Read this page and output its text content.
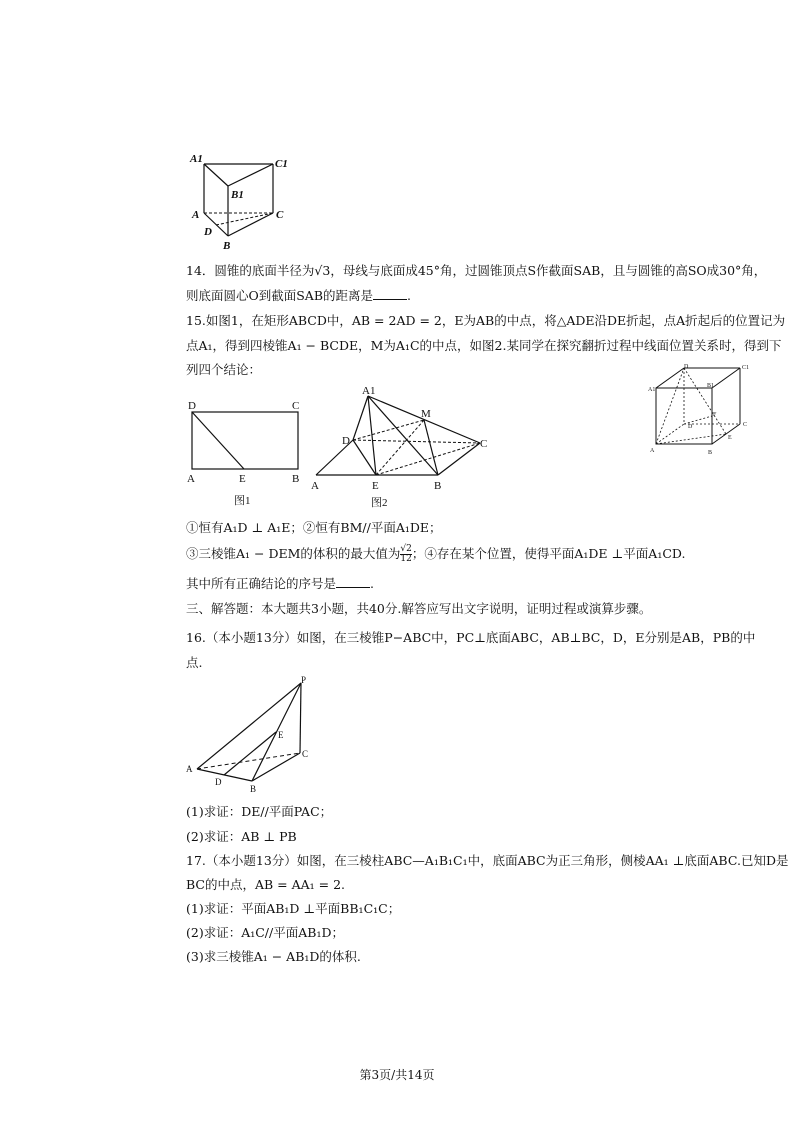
A1	C1
B1
A	C
D
B
14．圆锥的底面半径为√3，母线与底面成45°角，过圆锥顶点S作截面SAB，且与圆锥的高SO成30°角，
则底面圆心O到截面SAB的距离是	.
15.如图1，在矩形ABCD中，AB = 2AD = 2，E为AB的中点，将△ADE沿DE折起，点A折起后的位置记为
点A₁，得到四棱锥A₁ − BCDE，M为A₁C的中点，如图2.某同学在探究翻折过程中线面位置关系时，得到下
列四个结论：
D	C
A	E	B
图1
A1
M
D	C
A	E	B
图2
A1
D
B1
C1
F
D	C
E
A	B
①恒有A₁D ⊥ A₁E；②恒有BM//平面A₁DE；
③三棱锥A₁ − DEM的体积的最大值为 $\frac{√2}{12}$ ；④存在某个位置，使得平面A₁DE ⊥平面A₁CD.
其中所有正确结论的序号是	.
三、解答题：本大题共3小题，共40分.解答应写出文字说明，证明过程或演算步骤。
16.（本小题13分）如图，在三棱锥P−ABC中，PC⊥底面ABC，AB⊥BC，D，E分别是AB，PB的中
点.
P
E
C
A
D
B
(1)求证：DE//平面PAC；
(2)求证：AB ⊥ PB
17.（本小题13分）如图，在三棱柱ABC—A₁B₁C₁中，底面ABC为正三角形，侧棱AA₁ ⊥底面ABC.已知D是
BC的中点，AB = AA₁ = 2.
(1)求证：平面AB₁D ⊥平面BB₁C₁C；
(2)求证：A₁C//平面AB₁D；
(3)求三棱锥A₁ − AB₁D的体积.
第3页/共14页
